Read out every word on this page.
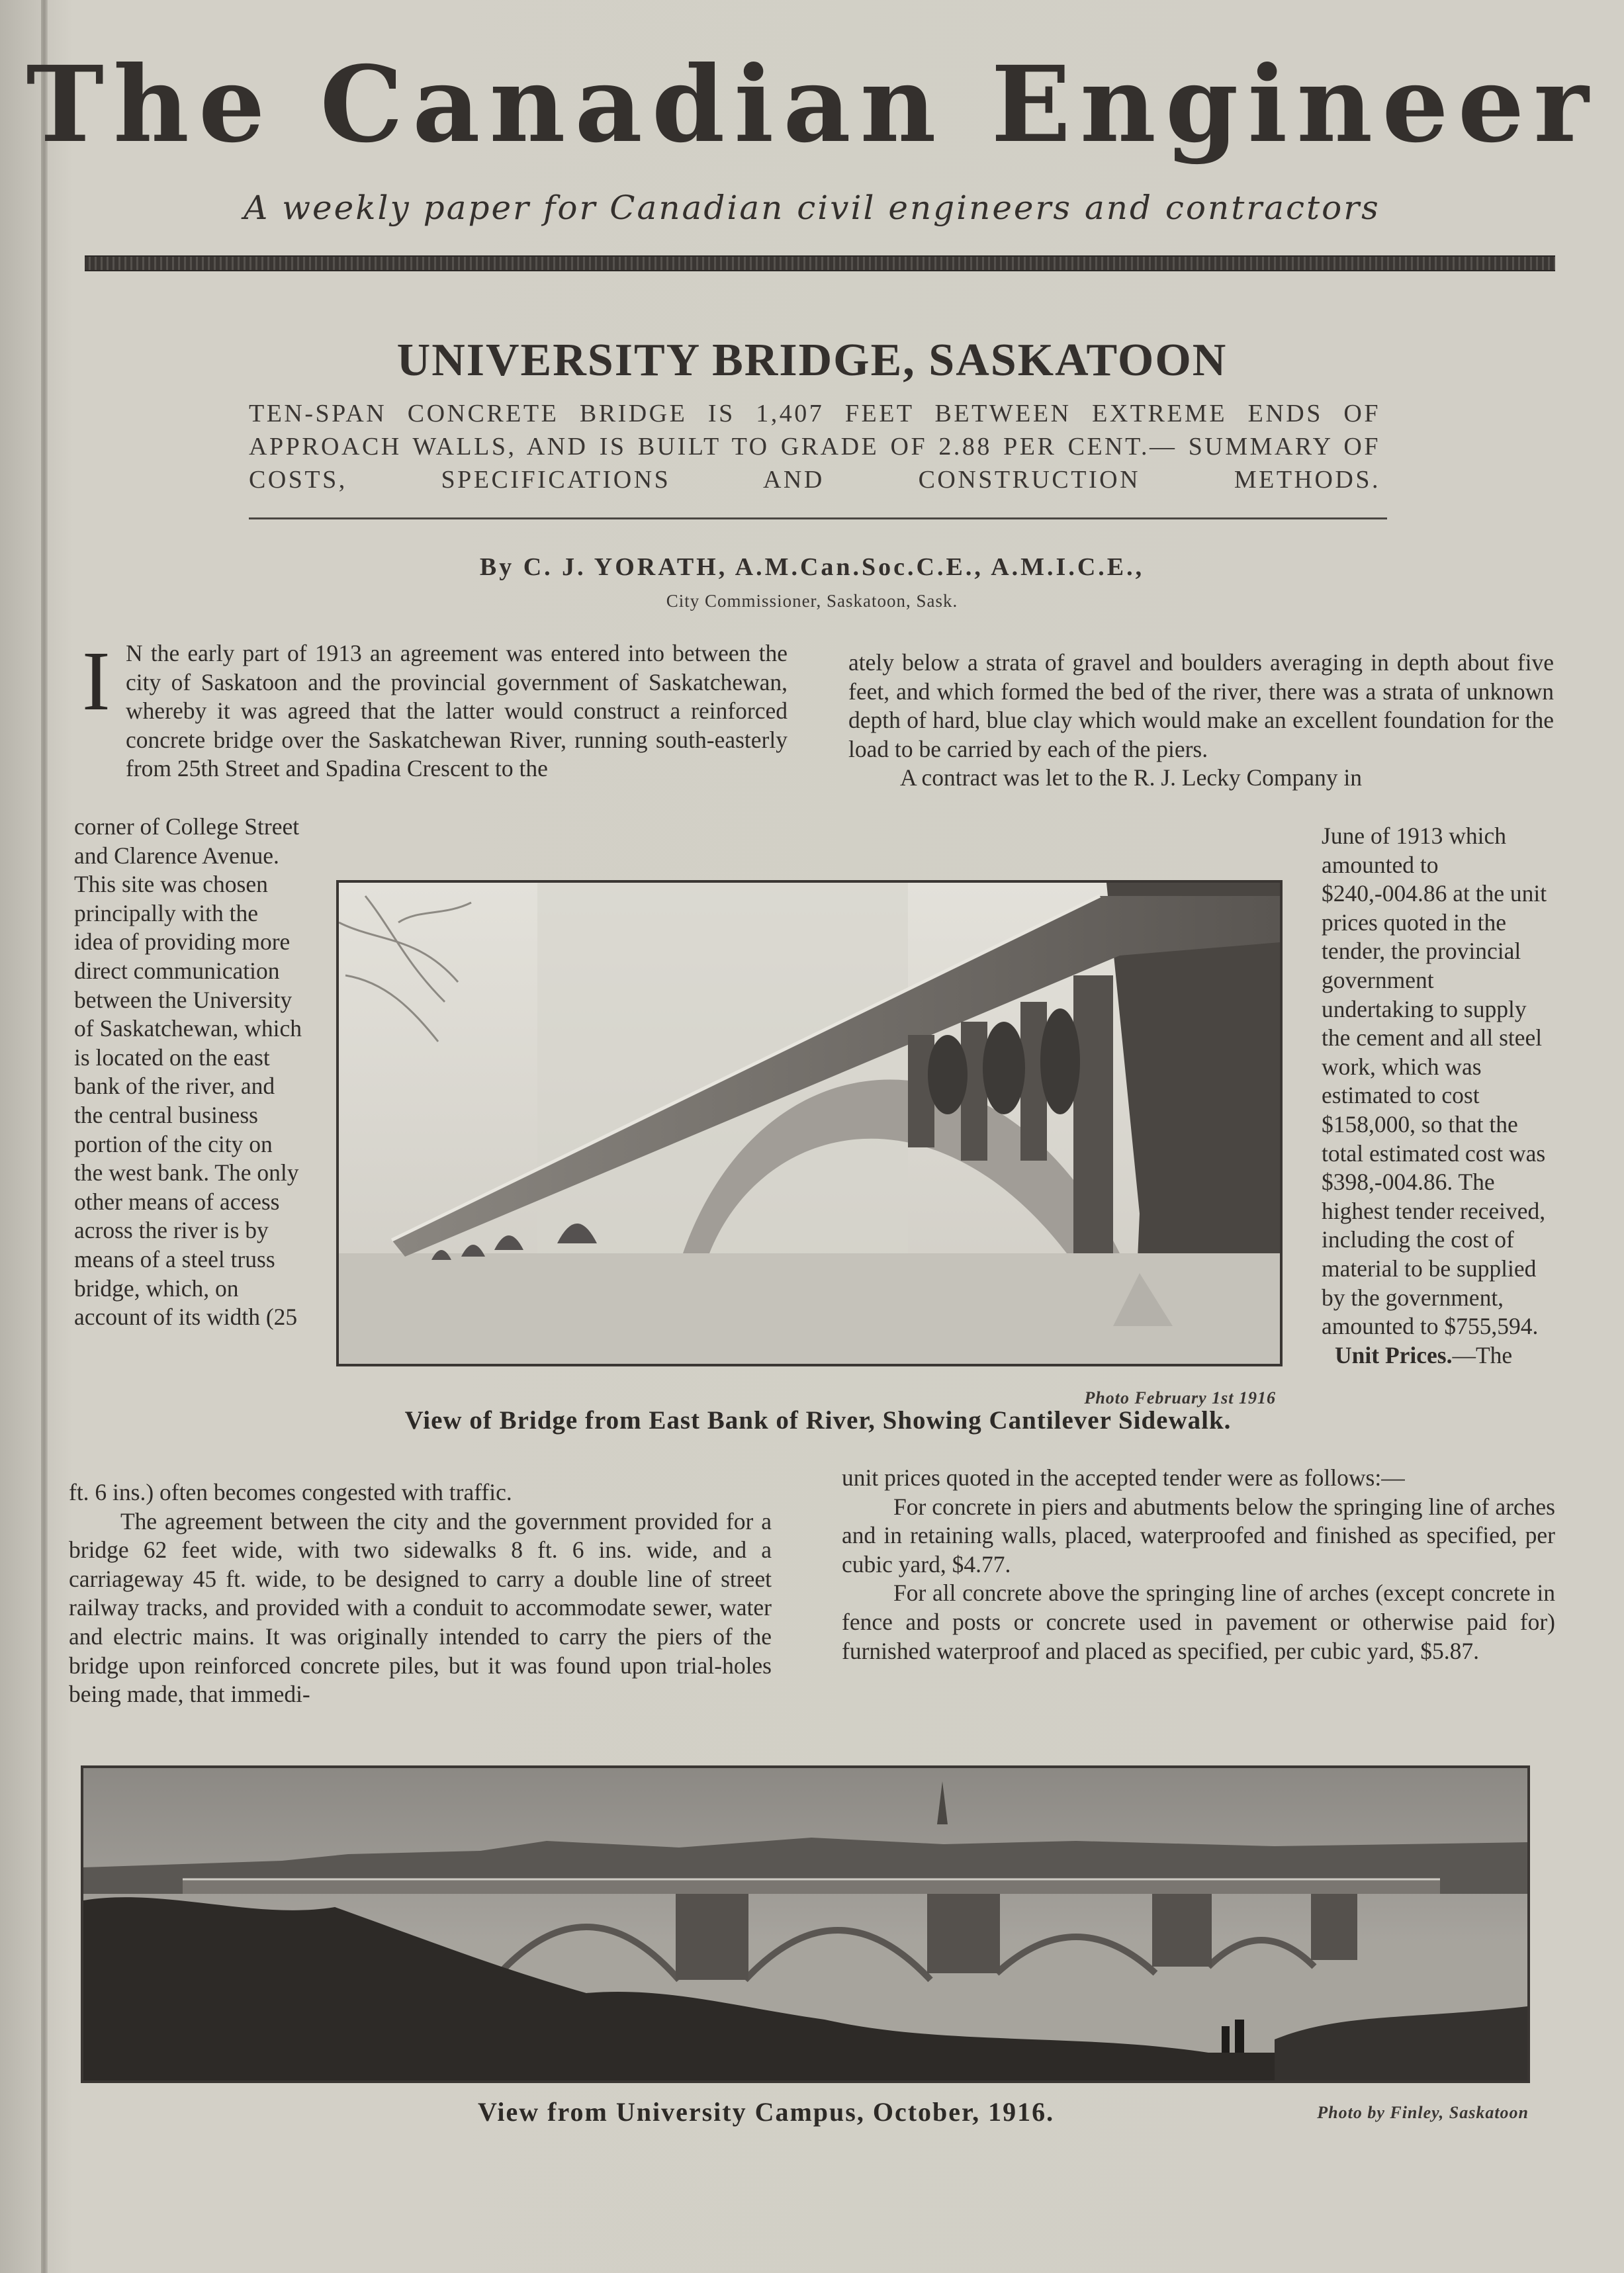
The Canadian Engineer
A weekly paper for Canadian civil engineers and contractors
UNIVERSITY BRIDGE, SASKATOON
TEN-SPAN CONCRETE BRIDGE IS 1,407 FEET BETWEEN EXTREME ENDS OF APPROACH WALLS, AND IS BUILT TO GRADE OF 2.88 PER CENT.— SUMMARY OF COSTS, SPECIFICATIONS AND CONSTRUCTION METHODS.
By C. J. YORATH, A.M.Can.Soc.C.E., A.M.I.C.E.,
City Commissioner, Saskatoon, Sask.
I N the early part of 1913 an agreement was entered into between the city of Saskatoon and the provincial government of Saskatchewan, whereby it was agreed that the latter would construct a reinforced concrete bridge over the Saskatchewan River, running south-easterly from 25th Street and Spadina Crescent to the

corner of College Street and Clarence Avenue. This site was chosen principally with the idea of providing more direct communication between the University of Saskatchewan, which is located on the east bank of the river, and the central business portion of the city on the west bank. The only other means of access across the river is by means of a steel truss bridge, which, on account of its width (25

ft. 6 ins.) often becomes congested with traffic.

The agreement between the city and the government provided for a bridge 62 feet wide, with two sidewalks 8 ft. 6 ins. wide, and a carriageway 45 ft. wide, to be designed to carry a double line of street railway tracks, and provided with a conduit to accommodate sewer, water and electric mains. It was originally intended to carry the piers of the bridge upon reinforced concrete piles, but it was found upon trial-holes being made, that immedi-

ately below a strata of gravel and boulders averaging in depth about five feet, and which formed the bed of the river, there was a strata of unknown depth of hard, blue clay which would make an excellent foundation for the load to be carried by each of the piers.

A contract was let to the R. J. Lecky Company in

June of 1913 which amounted to $240,-004.86 at the unit prices quoted in the tender, the provincial government undertaking to supply the cement and all steel work, which was estimated to cost $158,000, so that the total estimated cost was $398,-004.86. The highest tender received, including the cost of material to be supplied by the government, amounted to $755,594.

Unit Prices.—The

unit prices quoted in the accepted tender were as follows:—

For concrete in piers and abutments below the springing line of arches and in retaining walls, placed, waterproofed and finished as specified, per cubic yard, $4.77.

For all concrete above the springing line of arches (except concrete in fence and posts or concrete used in pavement or otherwise paid for) furnished waterproof and placed as specified, per cubic yard, $5.87.

Photo February 1st 1916
View of Bridge from East Bank of River, Showing Cantilever Sidewalk.
View from University Campus, October, 1916.	Photo by Finley, Saskatoon
